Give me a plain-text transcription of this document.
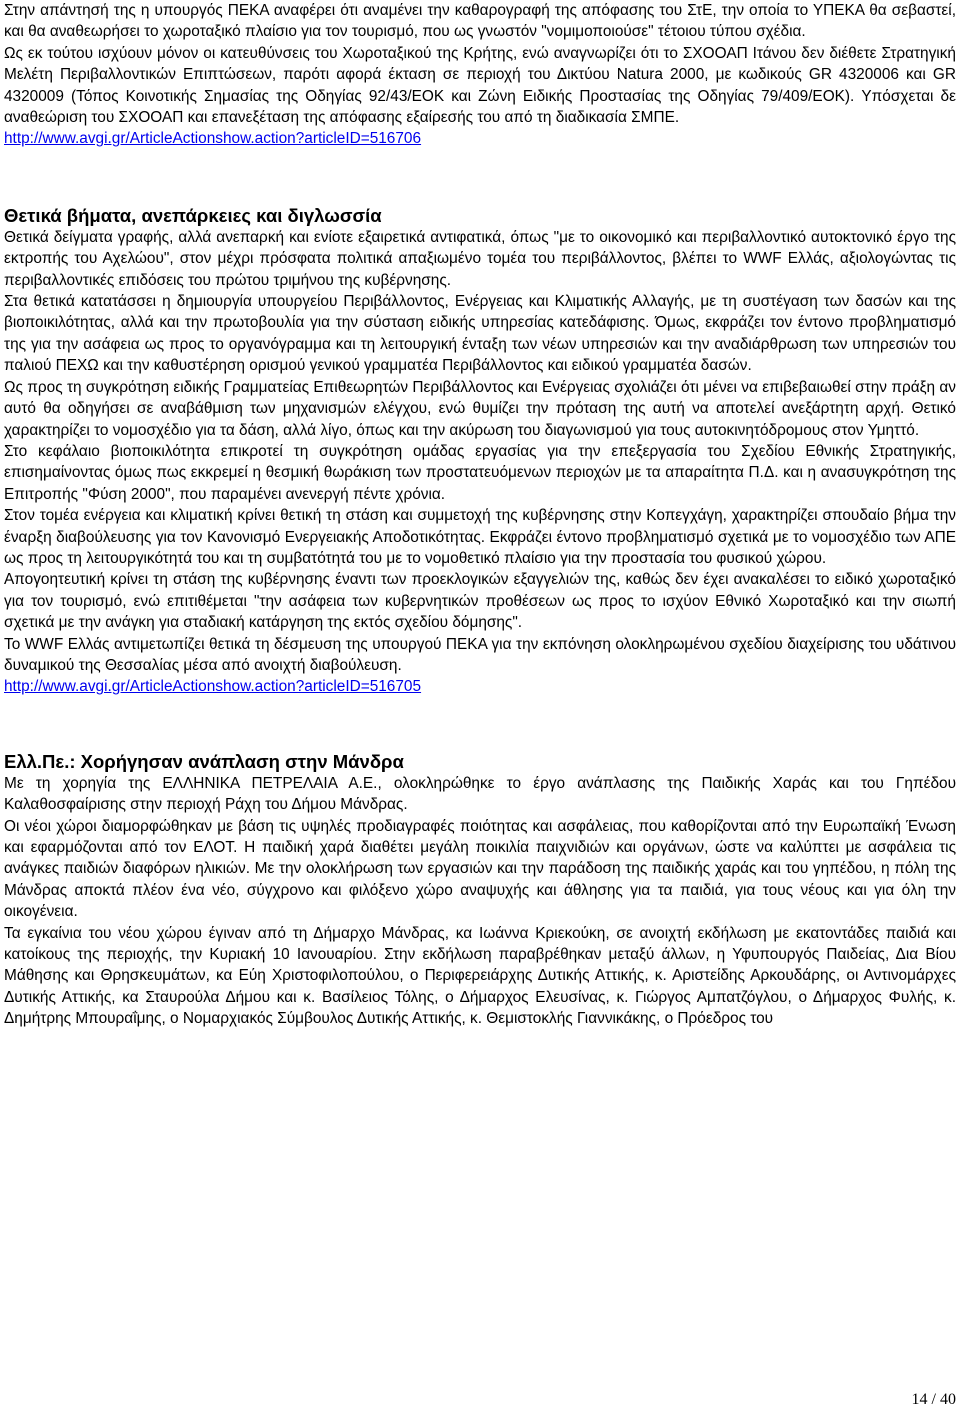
Στην απάντησή της η υπουργός ΠΕΚΑ αναφέρει ότι αναμένει την καθαρογραφή της απόφασης του ΣτΕ, την οποία το ΥΠΕΚΑ θα σεβαστεί, και θα αναθεωρήσει το χωροταξικό πλαίσιο για τον τουρισμό, που ως γνωστόν "νομιμοποιούσε" τέτοιου τύπου σχέδια.

Ως εκ τούτου ισχύουν μόνον οι κατευθύνσεις του Χωροταξικού της Κρήτης, ενώ αναγνωρίζει ότι το ΣΧΟΟΑΠ Ιτάνου δεν διέθετε Στρατηγική Μελέτη Περιβαλλοντικών Επιπτώσεων, παρότι αφορά έκταση σε περιοχή του Δικτύου Natura 2000, με κωδικούς GR 4320006 και GR 4320009 (Τόπος Κοινοτικής Σημασίας της Οδηγίας 92/43/ΕΟΚ και Ζώνη Ειδικής Προστασίας της Οδηγίας 79/409/ΕΟΚ). Υπόσχεται δε αναθεώριση του ΣΧΟΟΑΠ και επανεξέταση της απόφασης εξαίρεσής του από τη διαδικασία ΣΜΠΕ.

http://www.avgi.gr/ArticleActionshow.action?articleID=516706
Θετικά βήματα, ανεπάρκειες και διγλωσσία

Θετικά δείγματα γραφής, αλλά ανεπαρκή και ενίοτε εξαιρετικά αντιφατικά, όπως "με το οικονομικό και περιβαλλοντικό αυτοκτονικό έργο της εκτροπής του Αχελώου", στον μέχρι πρόσφατα πολιτικά απαξιωμένο τομέα του περιβάλλοντος, βλέπει το WWF Ελλάς, αξιολογώντας τις περιβαλλοντικές επιδόσεις του πρώτου τριμήνου της κυβέρνησης.

Στα θετικά κατατάσσει η δημιουργία υπουργείου Περιβάλλοντος, Ενέργειας και Κλιματικής Αλλαγής, με τη συστέγαση των δασών και της βιοποικιλότητας, αλλά και την πρωτοβουλία για την σύσταση ειδικής υπηρεσίας κατεδάφισης. Όμως, εκφράζει τον έντονο προβληματισμό της για την ασάφεια ως προς το οργανόγραμμα και τη λειτουργική ένταξη των νέων υπηρεσιών και την αναδιάρθρωση των υπηρεσιών του παλιού ΠΕΧΩ και την καθυστέρηση ορισμού γενικού γραμματέα Περιβάλλοντος και ειδικού γραμματέα δασών.

Ως προς τη συγκρότηση ειδικής Γραμματείας Επιθεωρητών Περιβάλλοντος και Ενέργειας σχολιάζει ότι μένει να επιβεβαιωθεί στην πράξη αν αυτό θα οδηγήσει σε αναβάθμιση των μηχανισμών ελέγχου, ενώ θυμίζει την πρόταση της αυτή να αποτελεί ανεξάρτητη αρχή. Θετικό χαρακτηρίζει το νομοσχέδιο για τα δάση, αλλά λίγο, όπως και την ακύρωση του διαγωνισμού για τους αυτοκινητόδρομους στον Υμηττό.

Στο κεφάλαιο βιοποικιλότητα επικροτεί τη συγκρότηση ομάδας εργασίας για την επεξεργασία του Σχεδίου Εθνικής Στρατηγικής, επισημαίνοντας όμως πως εκκρεμεί η θεσμική θωράκιση των προστατευόμενων περιοχών με τα απαραίτητα Π.Δ. και η ανασυγκρότηση της Επιτροπής "Φύση 2000", που παραμένει ανενεργή πέντε χρόνια.

Στον τομέα ενέργεια και κλιματική κρίνει θετική τη στάση και συμμετοχή της κυβέρνησης στην Κοπεγχάγη, χαρακτηρίζει σπουδαίο βήμα την έναρξη διαβούλευσης για τον Κανονισμό Ενεργειακής Αποδοτικότητας. Εκφράζει έντονο προβληματισμό σχετικά με το νομοσχέδιο των ΑΠΕ ως προς τη λειτουργικότητά του και τη συμβατότητά του με το νομοθετικό πλαίσιο για την προστασία του φυσικού χώρου.

Απογοητευτική κρίνει τη στάση της κυβέρνησης έναντι των προεκλογικών εξαγγελιών της, καθώς δεν έχει ανακαλέσει το ειδικό χωροταξικό για τον τουρισμό, ενώ επιτιθέμεται "την ασάφεια των κυβερνητικών προθέσεων ως προς το ισχύον Εθνικό Χωροταξικό και την σιωπή σχετικά με την ανάγκη για σταδιακή κατάργηση της εκτός σχεδίου δόμησης".

Το WWF Ελλάς αντιμετωπίζει θετικά τη δέσμευση της υπουργού ΠΕΚΑ για την εκπόνηση ολοκληρωμένου σχεδίου διαχείρισης του υδάτινου δυναμικού της Θεσσαλίας μέσα από ανοιχτή διαβούλευση.

http://www.avgi.gr/ArticleActionshow.action?articleID=516705
Ελλ.Πε.: Χορήγησαν ανάπλαση στην Μάνδρα

Με τη χορηγία της ΕΛΛΗΝΙΚΑ ΠΕΤΡΕΛΑΙΑ Α.Ε., ολοκληρώθηκε το έργο ανάπλασης της Παιδικής Χαράς και του Γηπέδου Καλαθοσφαίρισης στην περιοχή Ράχη του Δήμου Μάνδρας.

Οι νέοι χώροι διαμορφώθηκαν με βάση τις υψηλές προδιαγραφές ποιότητας και ασφάλειας, που καθορίζονται από την Ευρωπαϊκή Ένωση και εφαρμόζονται από τον ΕΛΟΤ. Η παιδική χαρά διαθέτει μεγάλη ποικιλία παιχνιδιών και οργάνων, ώστε να καλύπτει με ασφάλεια τις ανάγκες παιδιών διαφόρων ηλικιών. Με την ολοκλήρωση των εργασιών και την παράδοση της παιδικής χαράς και του γηπέδου, η πόλη της Μάνδρας αποκτά πλέον ένα νέο, σύγχρονο και φιλόξενο χώρο αναψυχής και άθλησης για τα παιδιά, για τους νέους και για όλη την οικογένεια.

Τα εγκαίνια του νέου χώρου έγιναν από τη Δήμαρχο Μάνδρας, κα Ιωάννα Κριεκούκη, σε ανοιχτή εκδήλωση με εκατοντάδες παιδιά και κατοίκους της περιοχής, την Κυριακή 10 Ιανουαρίου. Στην εκδήλωση παραβρέθηκαν μεταξύ άλλων, η Υφυπουργός Παιδείας, Δια Βίου Μάθησης και Θρησκευμάτων, κα Εύη Χριστοφιλοπούλου, ο Περιφερειάρχης Δυτικής Αττικής, κ. Αριστείδης Αρκουδάρης, οι Αντινομάρχες Δυτικής Αττικής, κα Σταυρούλα Δήμου και κ. Βασίλειος Τόλης, ο Δήμαρχος Ελευσίνας, κ. Γιώργος Αμπατζόγλου, ο Δήμαρχος Φυλής, κ. Δημήτρης Μπουραΐμης, ο Νομαρχιακός Σύμβουλος Δυτικής Αττικής, κ. Θεμιστοκλής Γιαννικάκης, ο Πρόεδρος του

14 / 40
